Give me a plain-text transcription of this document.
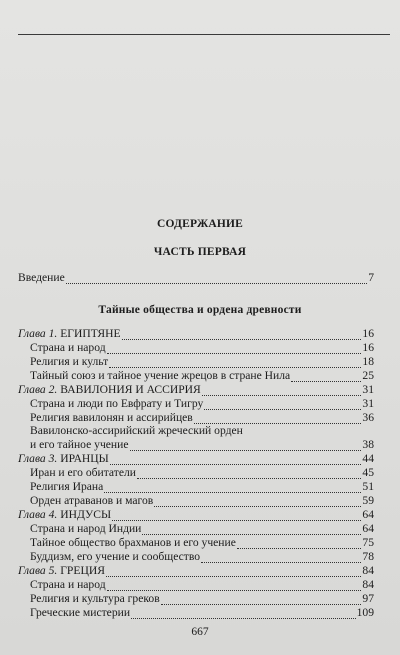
СОДЕРЖАНИЕ
ЧАСТЬ ПЕРВАЯ
Тайные общества и ордена древности
Введение	7
Глава 1. ЕГИПТЯНЕ	16
Страна и народ	16
Религия и культ	18
Тайный союз и тайное учение жрецов в стране Нила	25
Глава 2. ВАВИЛОНИЯ И АССИРИЯ	31
Страна и люди по Евфрату и Тигру	31
Религия вавилонян и ассирийцев	36
Вавилонско-ассирийский жреческий орден
и его тайное учение	38
Глава 3. ИРАНЦЫ	44
Иран и его обитатели	45
Религия Ирана	51
Орден атраванов и магов	59
Глава 4. ИНДУСЫ	64
Страна и народ Индии	64
Тайное общество брахманов и его учение	75
Буддизм, его учение и сообщество	78
Глава 5. ГРЕЦИЯ	84
Страна и народ	84
Религия и культура греков	97
Греческие мистерии	109
667
